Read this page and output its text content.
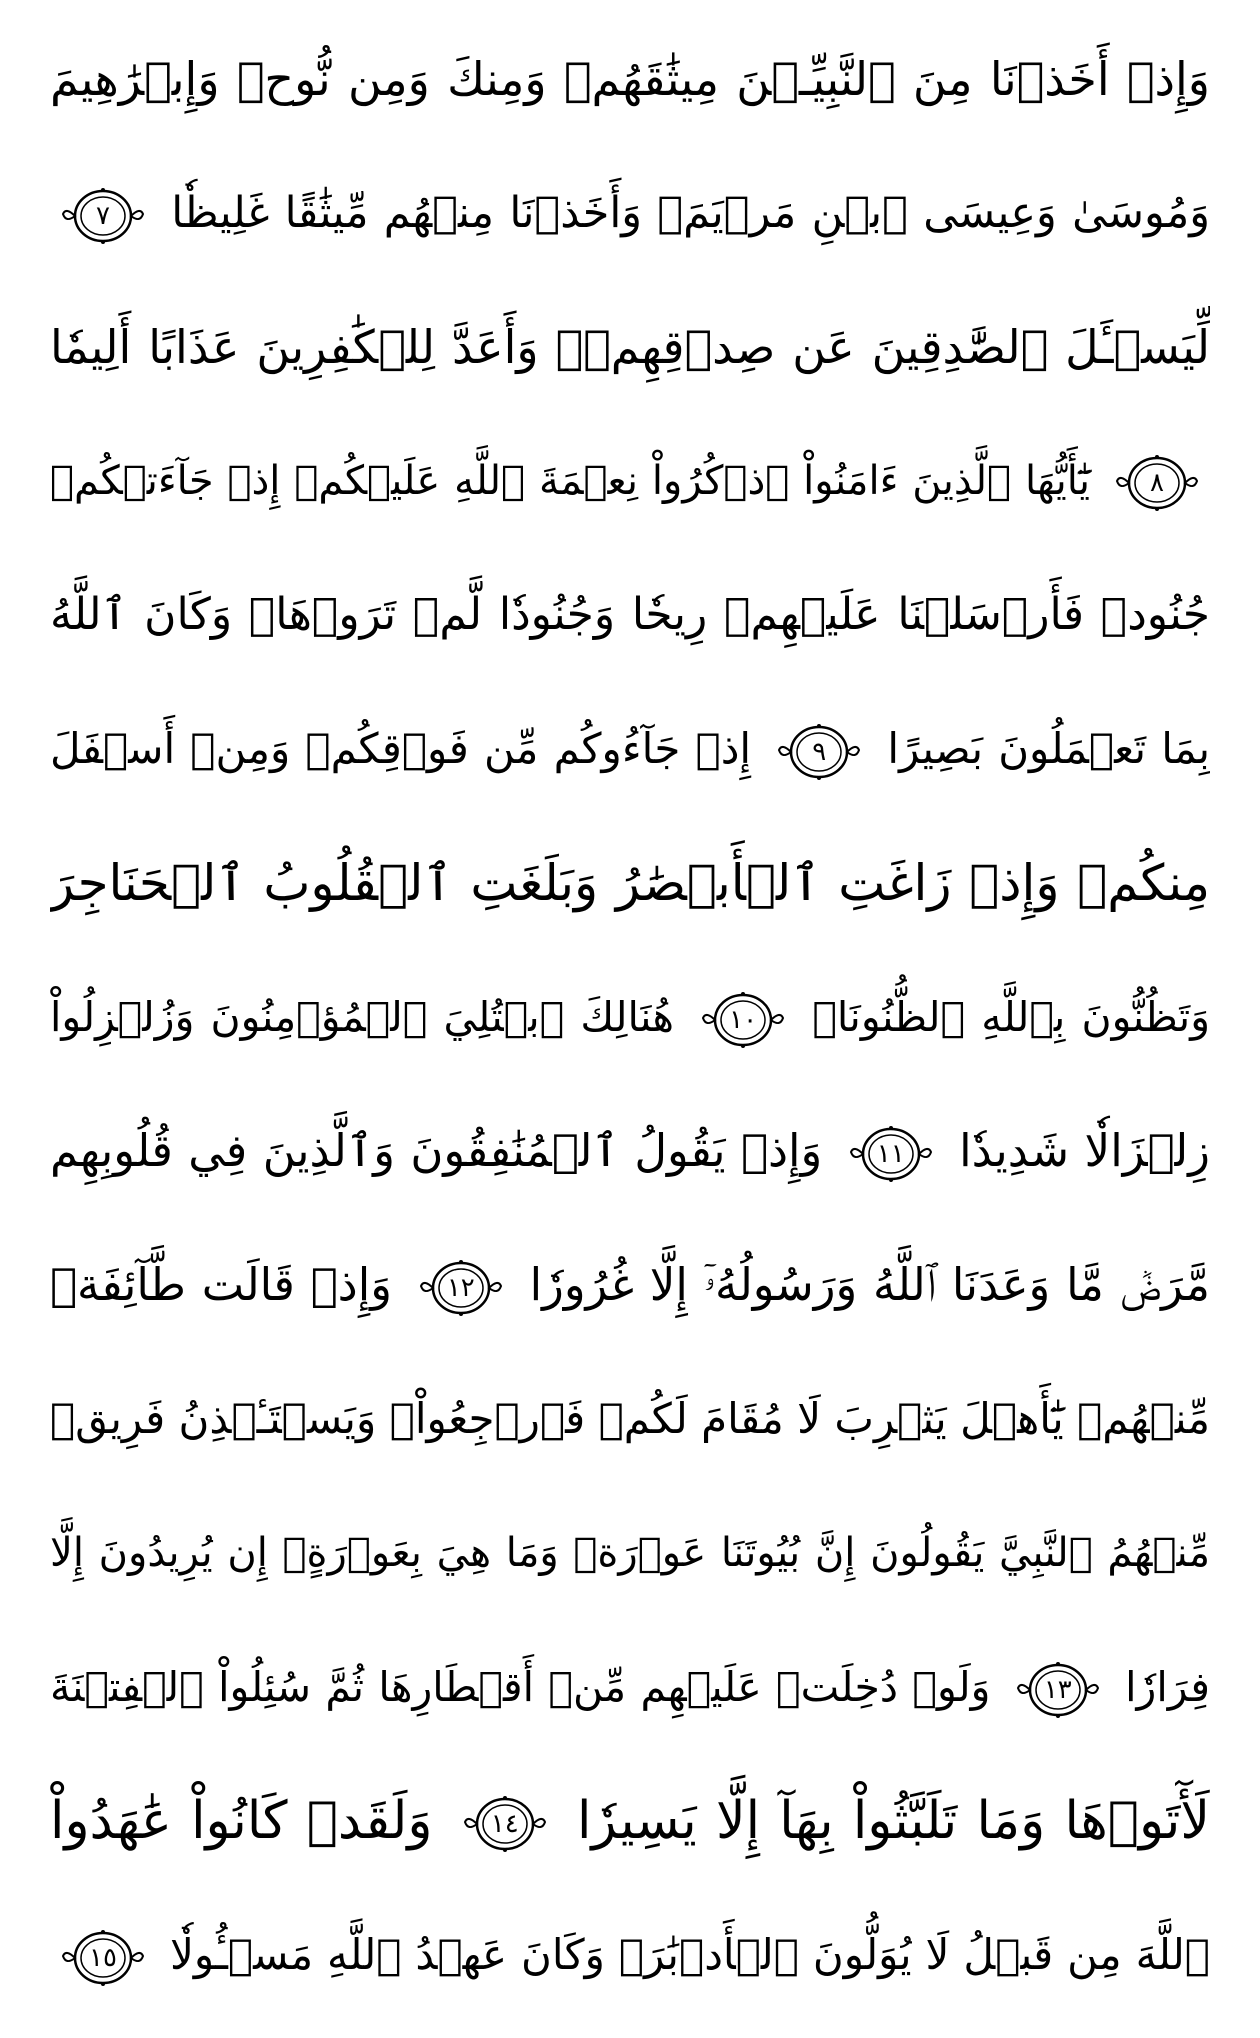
وَإِذۡ أَخَذۡنَا مِنَ ٱلنَّبِيِّـۧنَ مِيثَٰقَهُمۡ وَمِنكَ وَمِن نُّوحٖ وَإِبۡرَٰهِيمَ
وَمُوسَىٰ وَعِيسَى ٱبۡنِ مَرۡيَمَۖ وَأَخَذۡنَا مِنۡهُم مِّيثَٰقًا غَلِيظٗا
٧
لِّيَسۡـَٔلَ ٱلصَّٰدِقِينَ عَن صِدۡقِهِمۡۚ وَأَعَدَّ لِلۡكَٰفِرِينَ عَذَابًا أَلِيمٗا
٨
يَٰٓأَيُّهَا ٱلَّذِينَ ءَامَنُواْ ٱذۡكُرُواْ نِعۡمَةَ ٱللَّهِ عَلَيۡكُمۡ إِذۡ جَآءَتۡكُمۡ
جُنُودٞ فَأَرۡسَلۡنَا عَلَيۡهِمۡ رِيحٗا وَجُنُودٗا لَّمۡ تَرَوۡهَاۚ وَكَانَ ٱللَّهُ
بِمَا تَعۡمَلُونَ بَصِيرًا
٩
إِذۡ جَآءُوكُم مِّن فَوۡقِكُمۡ وَمِنۡ أَسۡفَلَ
مِنكُمۡ وَإِذۡ زَاغَتِ ٱلۡأَبۡصَٰرُ وَبَلَغَتِ ٱلۡقُلُوبُ ٱلۡحَنَاجِرَ
وَتَظُنُّونَ بِٱللَّهِ ٱلظُّنُونَا۠
١٠
هُنَالِكَ ٱبۡتُلِيَ ٱلۡمُؤۡمِنُونَ وَزُلۡزِلُواْ
زِلۡزَالٗا شَدِيدٗا
١١
وَإِذۡ يَقُولُ ٱلۡمُنَٰفِقُونَ وَٱلَّذِينَ فِي قُلُوبِهِم
مَّرَضٞ مَّا وَعَدَنَا ٱللَّهُ وَرَسُولُهُۥٓ إِلَّا غُرُورٗا
١٢
وَإِذۡ قَالَت طَّآئِفَةٞ
مِّنۡهُمۡ يَٰٓأَهۡلَ يَثۡرِبَ لَا مُقَامَ لَكُمۡ فَٱرۡجِعُواْۚ وَيَسۡتَـٔۡذِنُ فَرِيقٞ
مِّنۡهُمُ ٱلنَّبِيَّ يَقُولُونَ إِنَّ بُيُوتَنَا عَوۡرَةٞ وَمَا هِيَ بِعَوۡرَةٍۖ إِن يُرِيدُونَ إِلَّا
فِرَارٗا
١٣
وَلَوۡ دُخِلَتۡ عَلَيۡهِم مِّنۡ أَقۡطَارِهَا ثُمَّ سُئِلُواْ ٱلۡفِتۡنَةَ
لَأٓتَوۡهَا وَمَا تَلَبَّثُواْ بِهَآ إِلَّا يَسِيرٗا
١٤
وَلَقَدۡ كَانُواْ عَٰهَدُواْ
ٱللَّهَ مِن قَبۡلُ لَا يُوَلُّونَ ٱلۡأَدۡبَٰرَۚ وَكَانَ عَهۡدُ ٱللَّهِ مَسۡـُٔولٗا
١٥
